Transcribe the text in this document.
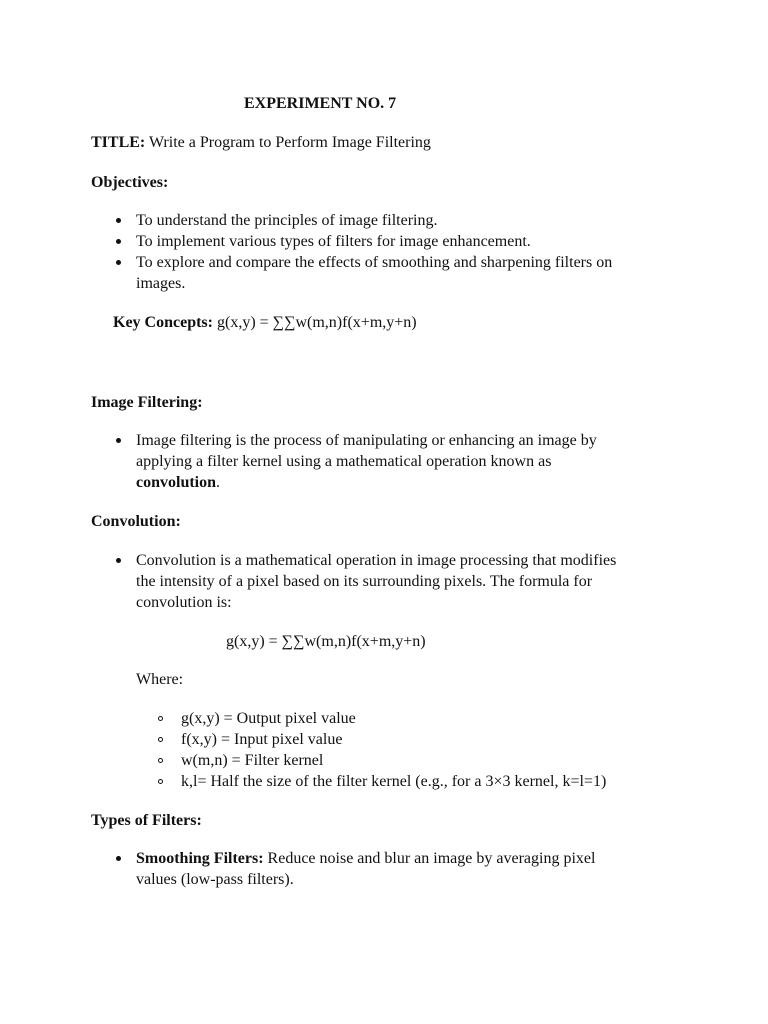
EXPERIMENT NO. 7
TITLE: Write a Program to Perform Image Filtering
Objectives:
To understand the principles of image filtering.
To implement various types of filters for image enhancement.
To explore and compare the effects of smoothing and sharpening filters on
images.
Key Concepts: g(x,y) = ∑∑w(m,n)f(x+m,y+n)
Image Filtering:
Image filtering is the process of manipulating or enhancing an image by
applying a filter kernel using a mathematical operation known as
convolution.
Convolution:
Convolution is a mathematical operation in image processing that modifies
the intensity of a pixel based on its surrounding pixels. The formula for
convolution is:
g(x,y) = ∑∑w(m,n)f(x+m,y+n)
Where:
g(x,y) = Output pixel value
f(x,y) = Input pixel value
w(m,n) = Filter kernel
k,l= Half the size of the filter kernel (e.g., for a 3×3 kernel, k=l=1)
Types of Filters:
Smoothing Filters: Reduce noise and blur an image by averaging pixel
values (low-pass filters).
